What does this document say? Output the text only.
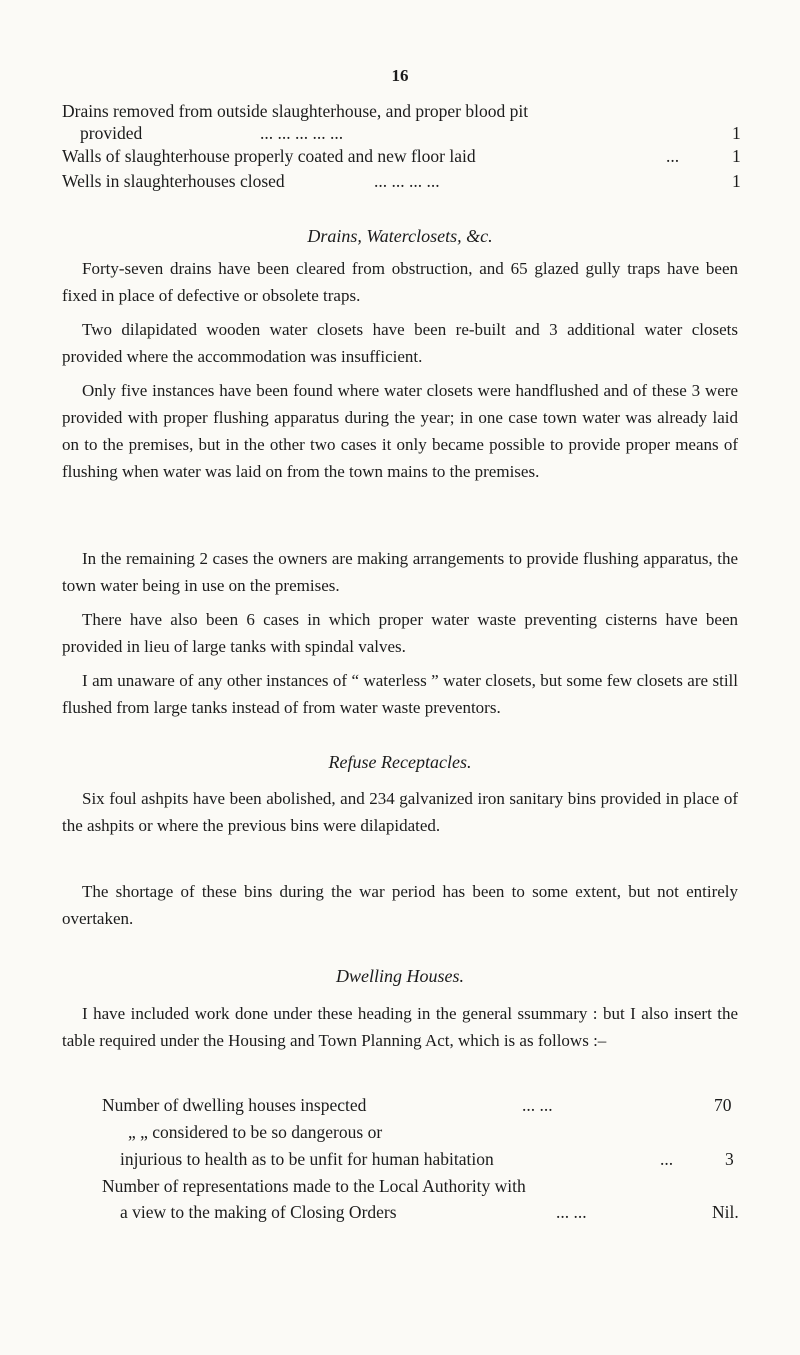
16
Drains removed from outside slaughterhouse, and proper blood pit
provided	... ... ... ... ...	1
Walls of slaughterhouse properly coated and new floor laid	...	1
Wells in slaughterhouses closed	... ... ... ...	1
Drains, Waterclosets, &c.

Forty-seven drains have been cleared from obstruction, and 65 glazed gully traps have been fixed in place of defective or obsolete traps.

Two dilapidated wooden water closets have been re-built and 3 additional water closets provided where the accommodation was insufficient.

Only five instances have been found where water closets were handflushed and of these 3 were provided with proper flushing apparatus during the year; in one case town water was already laid on to the premises, but in the other two cases it only became possible to provide proper means of flushing when water was laid on from the town mains to the premises.

In the remaining 2 cases the owners are making arrangements to provide flushing apparatus, the town water being in use on the premises.

There have also been 6 cases in which proper water waste preventing cisterns have been provided in lieu of large tanks with spindal valves.

I am unaware of any other instances of “ waterless ” water closets, but some few closets are still flushed from large tanks instead of from water waste preventors.

Refuse Receptacles.

Six foul ashpits have been abolished, and 234 galvanized iron sanitary bins provided in place of the ashpits or where the previous bins were dilapidated.

The shortage of these bins during the war period has been to some extent, but not entirely overtaken.

Dwelling Houses.

I have included work done under these heading in the general ssummary : but I also insert the table required under the Housing and Town Planning Act, which is as follows :–

Number of dwelling houses inspected	... ...	70
„ „ considered to be so dangerous or
injurious to health as to be unfit for human habitation	...	3
Number of representations made to the Local Authority with
a view to the making of Closing Orders	... ...	Nil.
